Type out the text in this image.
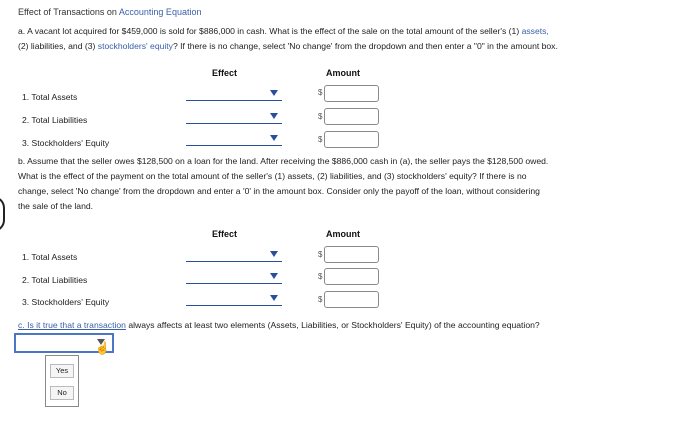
Effect of Transactions on Accounting Equation
a. A vacant lot acquired for $459,000 is sold for $886,000 in cash. What is the effect of the sale on the total amount of the seller's (1) assets,
(2) liabilities, and (3) stockholders' equity? If there is no change, select 'No change' from the dropdown and then enter a "0" in the amount box.
Effect	Amount
1. Total Assets
2. Total Liabilities
3. Stockholders' Equity
$
$
$
b. Assume that the seller owes $128,500 on a loan for the land. After receiving the $886,000 cash in (a), the seller pays the $128,500 owed.
What is the effect of the payment on the total amount of the seller's (1) assets, (2) liabilities, and (3) stockholders' equity? If there is no
change, select 'No change' from the dropdown and enter a '0' in the amount box. Consider only the payoff of the loan, without considering
the sale of the land.
Effect	Amount
1. Total Assets
2. Total Liabilities
3. Stockholders' Equity
$
$
$
c. Is it true that a transaction always affects at least two elements (Assets, Liabilities, or Stockholders' Equity) of the accounting equation?
☝
Yes
No
